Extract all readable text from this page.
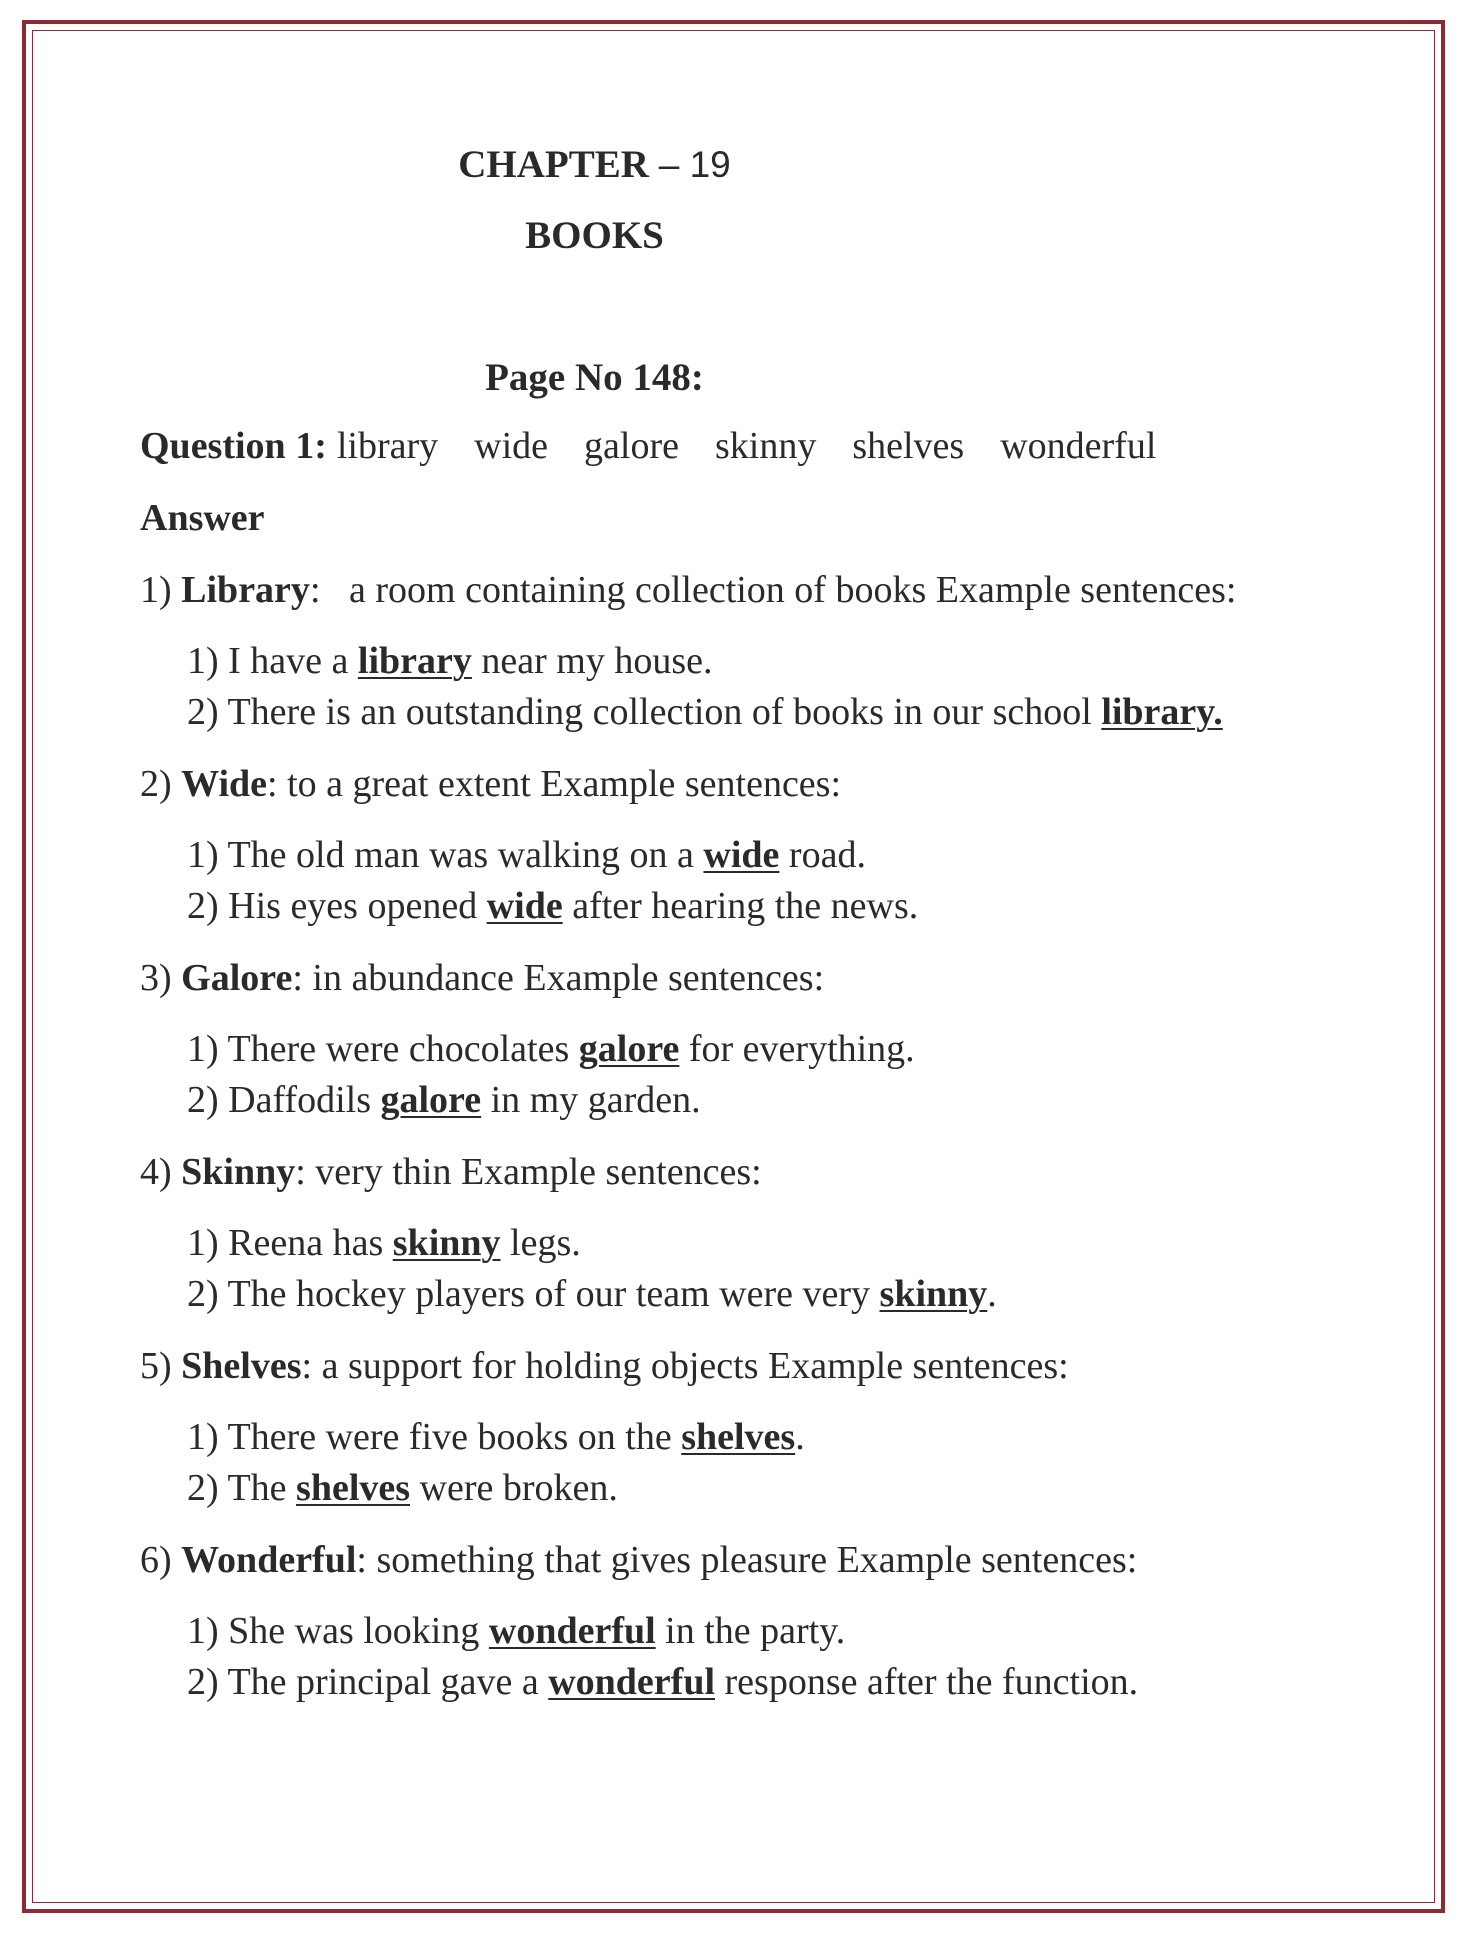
CHAPTER – 19
BOOKS
Page No 148:
Question 1: library wide galore skinny shelves wonderful
Answer
1) Library:   a room containing collection of books Example sentences:
1) I have a library near my house.
2) There is an outstanding collection of books in our school library.
2) Wide: to a great extent Example sentences:
1) The old man was walking on a wide road.
2) His eyes opened wide after hearing the news.
3) Galore: in abundance Example sentences:
1) There were chocolates galore for everything.
2) Daffodils galore in my garden.
4) Skinny: very thin Example sentences:
1) Reena has skinny legs.
2) The hockey players of our team were very skinny.
5) Shelves: a support for holding objects Example sentences:
1) There were five books on the shelves.
2) The shelves were broken.
6) Wonderful: something that gives pleasure Example sentences:
1) She was looking wonderful in the party.
2) The principal gave a wonderful response after the function.
